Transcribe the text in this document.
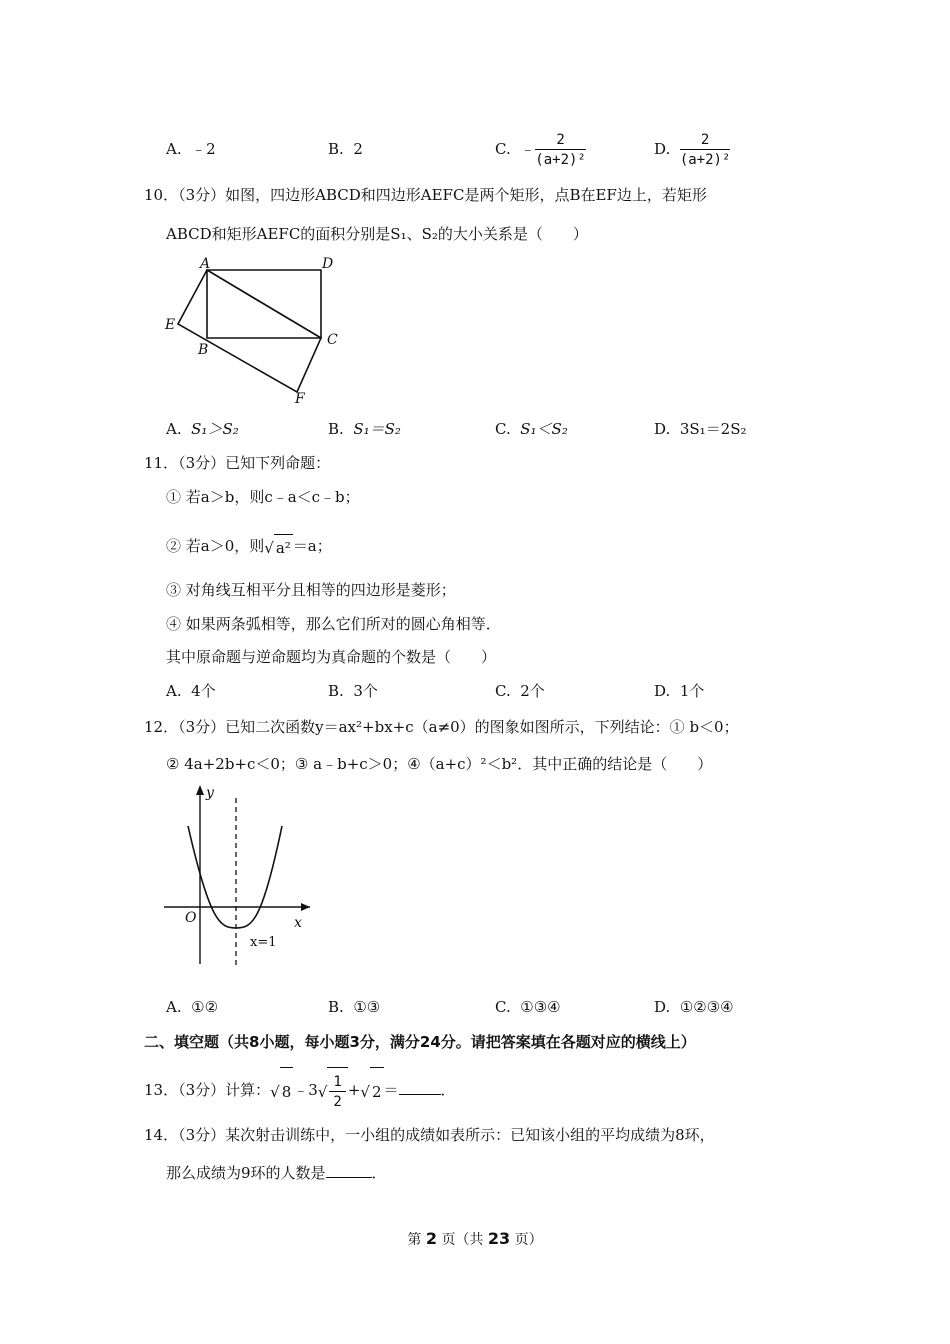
A. ﹣2	B. 2	C. ﹣ $\frac{2}{\text{(a+2)²}}$	D. $\frac{2}{\text{(a+2)²}}$
10．（3分）如图，四边形ABCD和四边形AEFC是两个矩形，点B在EF边上，若矩形
ABCD和矩形AEFC的面积分别是S₁、S₂的大小关系是（　　）
A	D
E
B
C
F
A. S₁＞S₂	B. S₁＝S₂	C. S₁＜S₂	D. 3S₁＝2S₂
11．（3分）已知下列命题：
① 若a＞b，则c﹣a＜c﹣b；
② 若a＞0，则√ a² ＝a；
③ 对角线互相平分且相等的四边形是菱形；
④ 如果两条弧相等，那么它们所对的圆心角相等．
其中原命题与逆命题均为真命题的个数是（　　）
A. 4个	B. 3个	C. 2个	D. 1个
12．（3分）已知二次函数y＝ax²+bx+c（a≠0）的图象如图所示，下列结论：① b＜0；
② 4a+2b+c＜0；③ a﹣b+c＞0；④（a+c）²＜b²．其中正确的结论是（　　）
y
x
O
x=1
A. ①②	B. ①③	C. ①③④	D. ①②③④
二、填空题（共8小题，每小题3分，满分24分。请把答案填在各题对应的横线上）
13．（3分）计算：√ 8 ﹣3√ $\frac{1}{2}$ +√ 2 ＝	．
14．（3分）某次射击训练中，一小组的成绩如表所示：已知该小组的平均成绩为8环，
那么成绩为9环的人数是	．
第 2 页（共 23 页）
